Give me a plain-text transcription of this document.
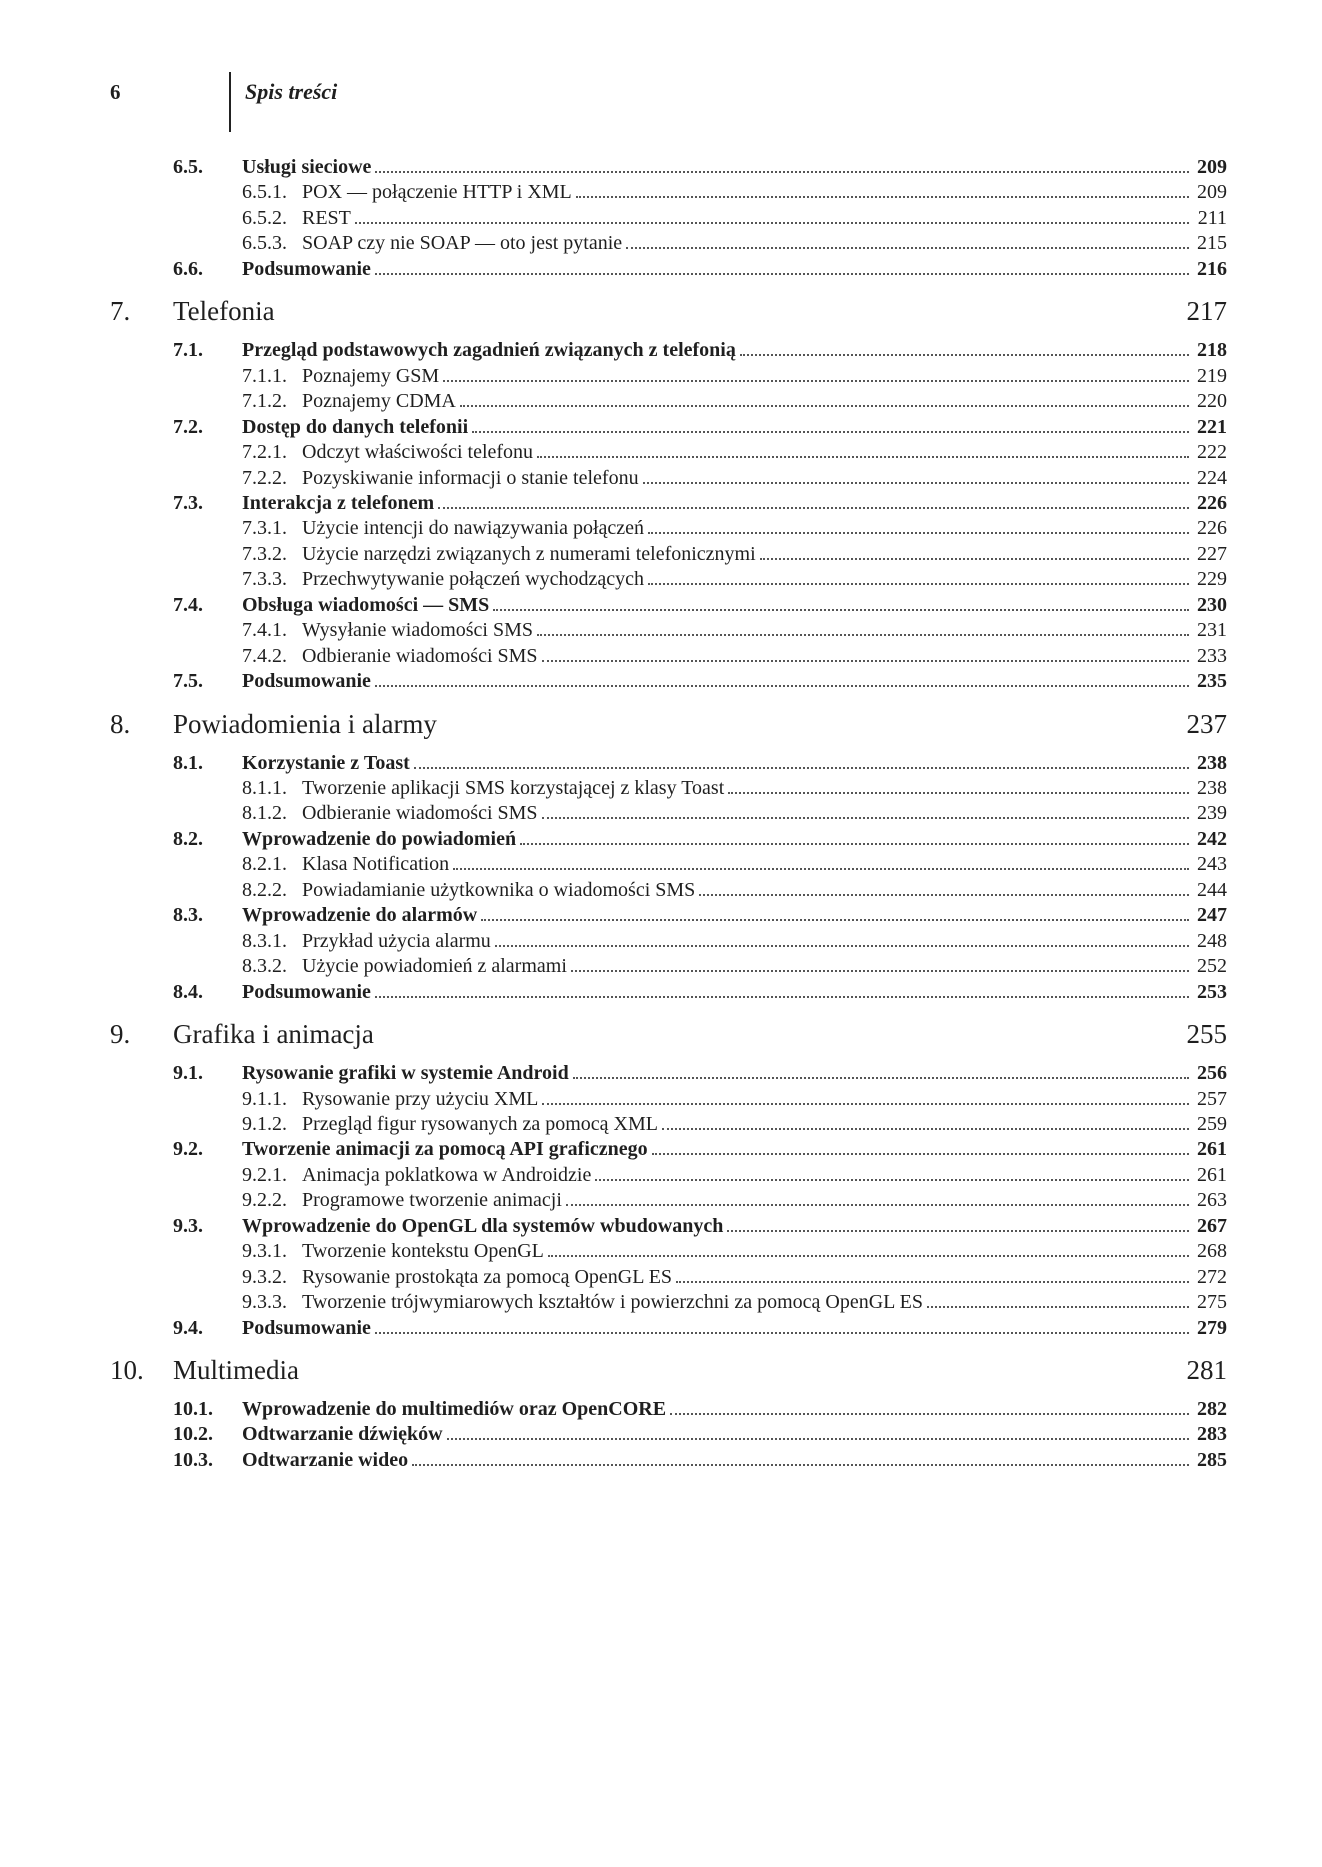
6	Spis treści
6.5. Usługi sieciowe	209
6.5.1. POX — połączenie HTTP i XML	209
6.5.2. REST	211
6.5.3. SOAP czy nie SOAP — oto jest pytanie	215
6.6. Podsumowanie	216
7. Telefonia	217
7.1. Przegląd podstawowych zagadnień związanych z telefonią	218
7.1.1. Poznajemy GSM	219
7.1.2. Poznajemy CDMA	220
7.2. Dostęp do danych telefonii	221
7.2.1. Odczyt właściwości telefonu	222
7.2.2. Pozyskiwanie informacji o stanie telefonu	224
7.3. Interakcja z telefonem	226
7.3.1. Użycie intencji do nawiązywania połączeń	226
7.3.2. Użycie narzędzi związanych z numerami telefonicznymi	227
7.3.3. Przechwytywanie połączeń wychodzących	229
7.4. Obsługa wiadomości — SMS	230
7.4.1. Wysyłanie wiadomości SMS	231
7.4.2. Odbieranie wiadomości SMS	233
7.5. Podsumowanie	235
8. Powiadomienia i alarmy	237
8.1. Korzystanie z Toast	238
8.1.1. Tworzenie aplikacji SMS korzystającej z klasy Toast	238
8.1.2. Odbieranie wiadomości SMS	239
8.2. Wprowadzenie do powiadomień	242
8.2.1. Klasa Notification	243
8.2.2. Powiadamianie użytkownika o wiadomości SMS	244
8.3. Wprowadzenie do alarmów	247
8.3.1. Przykład użycia alarmu	248
8.3.2. Użycie powiadomień z alarmami	252
8.4. Podsumowanie	253
9. Grafika i animacja	255
9.1. Rysowanie grafiki w systemie Android	256
9.1.1. Rysowanie przy użyciu XML	257
9.1.2. Przegląd figur rysowanych za pomocą XML	259
9.2. Tworzenie animacji za pomocą API graficznego	261
9.2.1. Animacja poklatkowa w Androidzie	261
9.2.2. Programowe tworzenie animacji	263
9.3. Wprowadzenie do OpenGL dla systemów wbudowanych	267
9.3.1. Tworzenie kontekstu OpenGL	268
9.3.2. Rysowanie prostokąta za pomocą OpenGL ES	272
9.3.3. Tworzenie trójwymiarowych kształtów i powierzchni za pomocą OpenGL ES	275
9.4. Podsumowanie	279
10. Multimedia	281
10.1. Wprowadzenie do multimediów oraz OpenCORE	282
10.2. Odtwarzanie dźwięków	283
10.3. Odtwarzanie wideo	285
